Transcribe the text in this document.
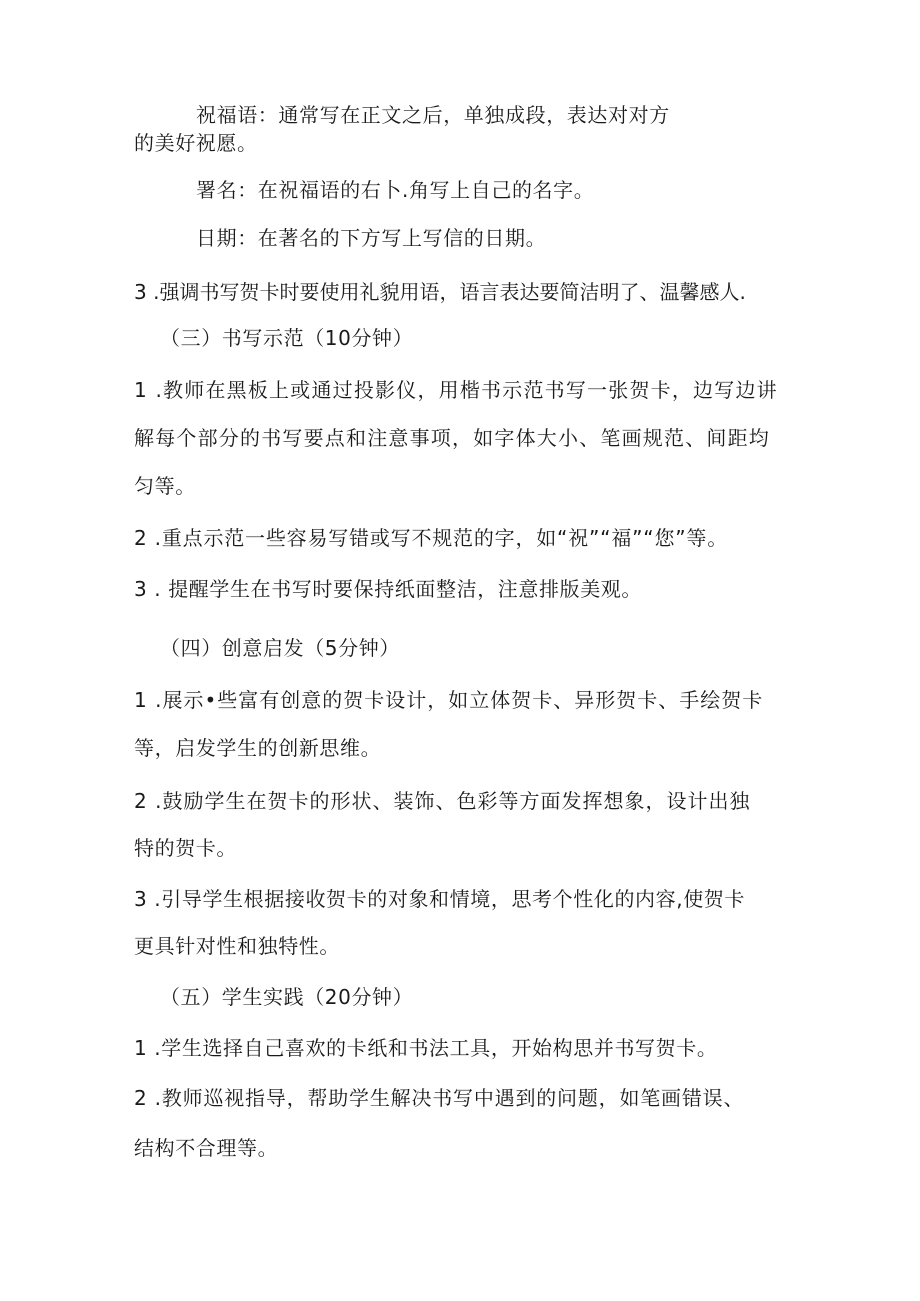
祝福语：通常写在正文之后，单独成段，表达对对方
的美好祝愿。
署名：在祝福语的右卜.角写上自己的名字。
日期：在著名的下方写上写信的日期。
3 .强调书写贺卡时要使用礼貌用语，语言表达要简洁明了、温馨感人.
（三）书写示范（10分钟）
1 .教师在黑板上或通过投影仪，用楷书示范书写一张贺卡，边写边讲
解每个部分的书写要点和注意事项，如字体大小、笔画规范、间距均
匀等。
2 .重点示范一些容易写错或写不规范的字，如“祝”“福”“您”等。
3 . 提醒学生在书写时要保持纸面整洁，注意排版美观。
（四）创意启发（5分钟）
1 .展示•些富有创意的贺卡设计，如立体贺卡、异形贺卡、手绘贺卡
等，启发学生的创新思维。
2 .鼓励学生在贺卡的形状、装饰、色彩等方面发挥想象，设计出独
特的贺卡。
3 .引导学生根据接收贺卡的对象和情境，思考个性化的内容,使贺卡
更具针对性和独特性。
（五）学生实践（20分钟）
1 .学生选择自己喜欢的卡纸和书法工具，开始构思并书写贺卡。
2 .教师巡视指导，帮助学生解决书写中遇到的问题，如笔画错误、
结构不合理等。
